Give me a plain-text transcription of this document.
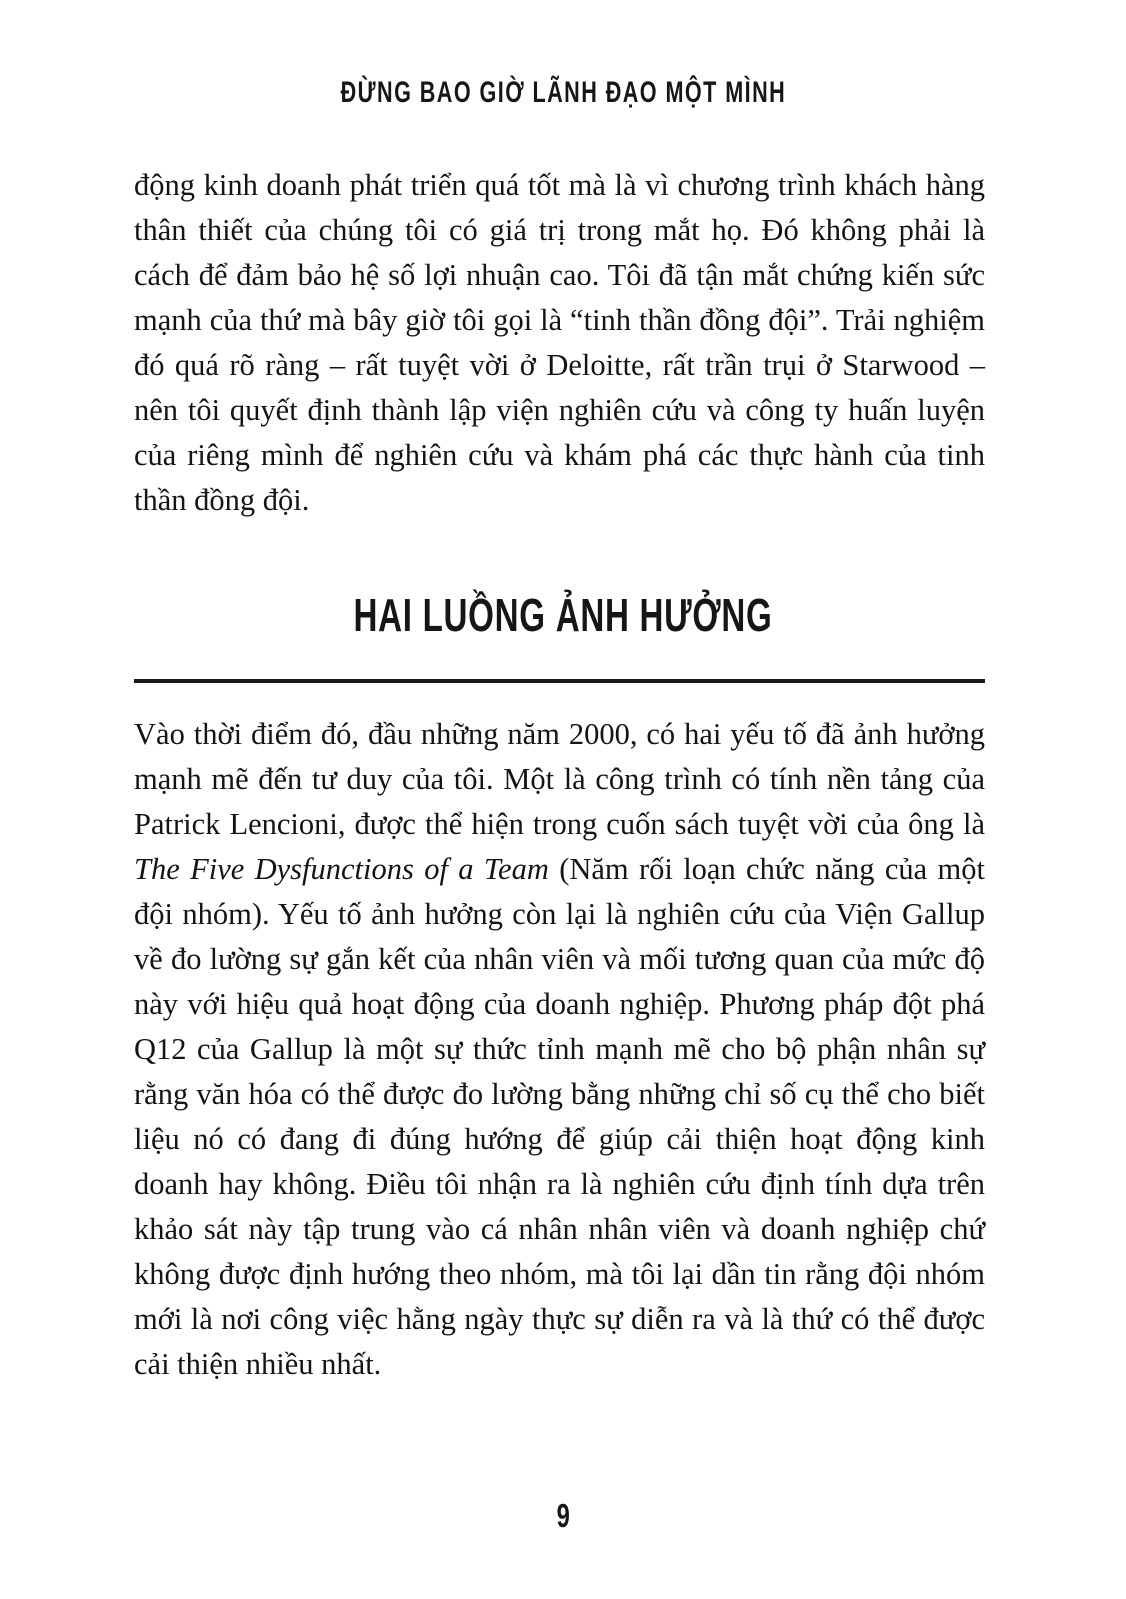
ĐỪNG BAO GIỜ LÃNH ĐẠO MỘT MÌNH

động kinh doanh phát triển quá tốt mà là vì chương trình khách hàng thân thiết của chúng tôi có giá trị trong mắt họ. Đó không phải là cách để đảm bảo hệ số lợi nhuận cao. Tôi đã tận mắt chứng kiến sức mạnh của thứ mà bây giờ tôi gọi là “tinh thần đồng đội”. Trải nghiệm đó quá rõ ràng – rất tuyệt vời ở Deloitte, rất trần trụi ở Starwood – nên tôi quyết định thành lập viện nghiên cứu và công ty huấn luyện của riêng mình để nghiên cứu và khám phá các thực hành của tinh thần đồng đội.

HAI LUỒNG ẢNH HƯỞNG

Vào thời điểm đó, đầu những năm 2000, có hai yếu tố đã ảnh hưởng mạnh mẽ đến tư duy của tôi. Một là công trình có tính nền tảng của Patrick Lencioni, được thể hiện trong cuốn sách tuyệt vời của ông là The Five Dysfunctions of a Team (Năm rối loạn chức năng của một đội nhóm). Yếu tố ảnh hưởng còn lại là nghiên cứu của Viện Gallup về đo lường sự gắn kết của nhân viên và mối tương quan của mức độ này với hiệu quả hoạt động của doanh nghiệp. Phương pháp đột phá Q12 của Gallup là một sự thức tỉnh mạnh mẽ cho bộ phận nhân sự rằng văn hóa có thể được đo lường bằng những chỉ số cụ thể cho biết liệu nó có đang đi đúng hướng để giúp cải thiện hoạt động kinh doanh hay không. Điều tôi nhận ra là nghiên cứu định tính dựa trên khảo sát này tập trung vào cá nhân nhân viên và doanh nghiệp chứ không được định hướng theo nhóm, mà tôi lại dần tin rằng đội nhóm mới là nơi công việc hằng ngày thực sự diễn ra và là thứ có thể được cải thiện nhiều nhất.

9
